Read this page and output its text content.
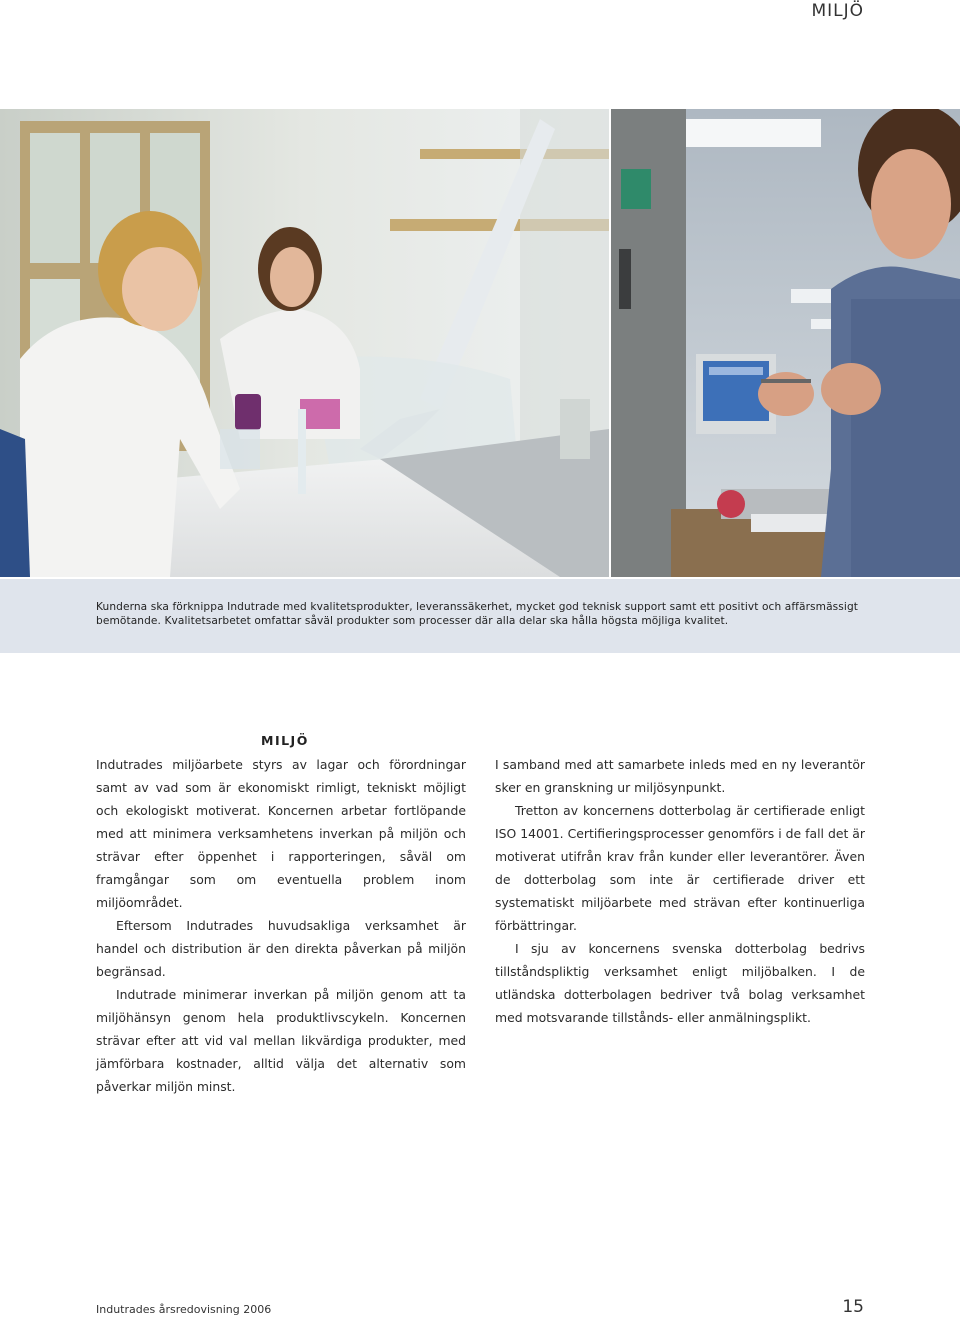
MILJÖ

Kunderna ska förknippa Indutrade med kvalitetsprodukter, leveranssäkerhet, mycket god teknisk support samt ett positivt och affärsmässigt bemötande. Kvalitetsarbetet omfattar såväl produkter som processer där alla delar ska hålla högsta möjliga kvalitet.

MILJÖ

Indutrades miljöarbete styrs av lagar och förordningar samt av vad som är ekonomiskt rimligt, tekniskt möjligt och ekologiskt motiverat. Koncernen arbetar fortlöpande med att minimera verksamhetens inverkan på miljön och strävar efter öppenhet i rapporteringen, såväl om framgångar som om eventuella problem inom miljöområdet.

Eftersom Indutrades huvudsakliga verksamhet är handel och distribution är den direkta påverkan på miljön begränsad.

Indutrade minimerar inverkan på miljön genom att ta miljöhänsyn genom hela produktlivscykeln. Koncernen strävar efter att vid val mellan likvärdiga produkter, med jämförbara kostnader, alltid välja det alternativ som påverkar miljön minst.

I samband med att samarbete inleds med en ny leverantör sker en granskning ur miljösynpunkt.

Tretton av koncernens dotterbolag är certifierade enligt ISO 14001. Certifieringsprocesser genomförs i de fall det är motiverat utifrån krav från kunder eller leverantörer. Även de dotterbolag som inte är certifierade driver ett systematiskt miljöarbete med strävan efter kontinuerliga förbättringar.

I sju av koncernens svenska dotterbolag bedrivs tillståndspliktig verksamhet enligt miljöbalken. I de utländska dotterbolagen bedriver två bolag verksamhet med motsvarande tillstånds- eller anmälningsplikt.

Indutrades årsredovisning 2006	15
